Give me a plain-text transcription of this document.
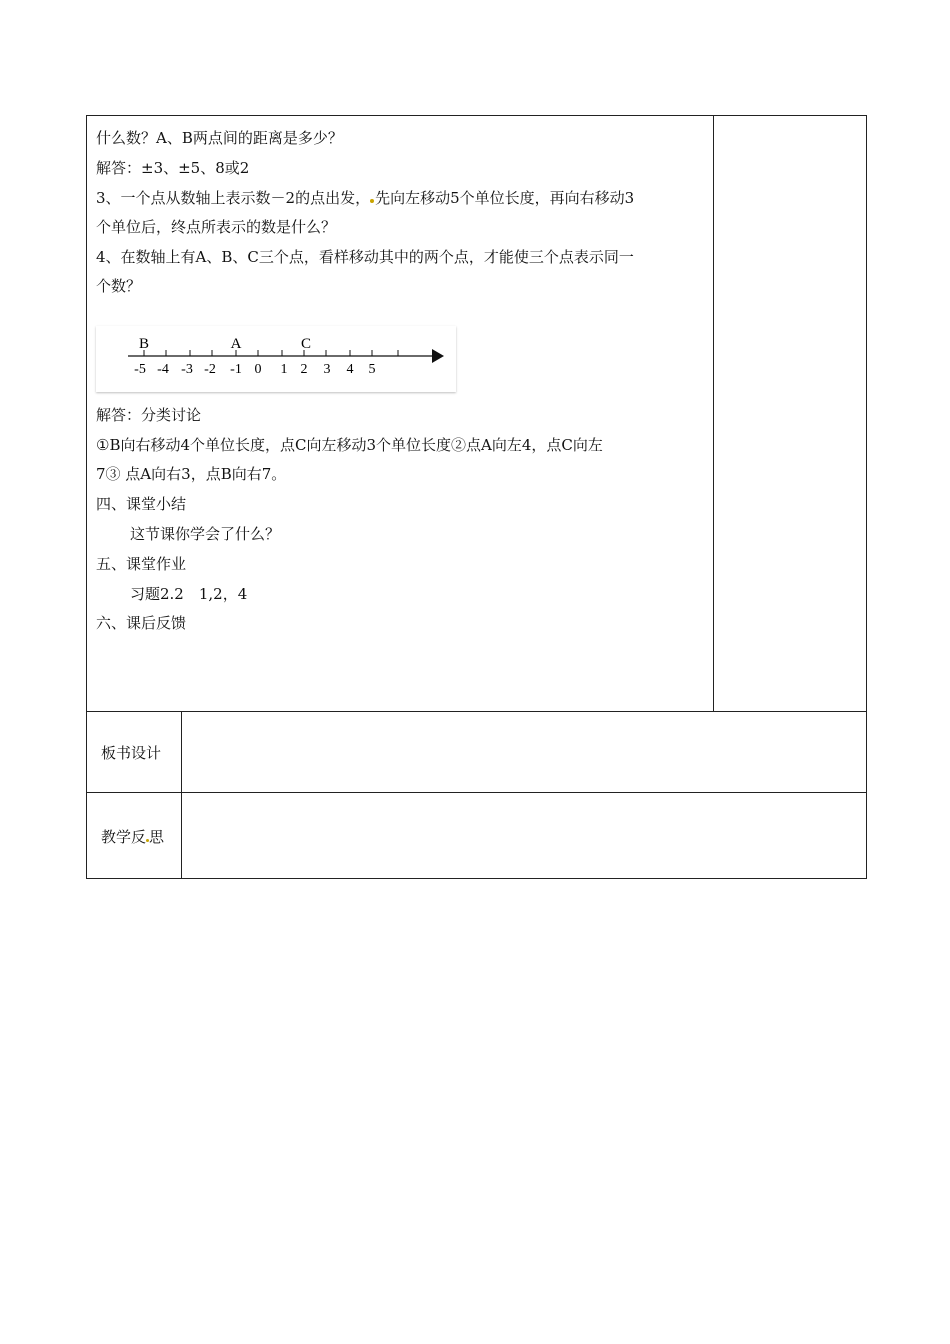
什么数？A、B两点间的距离是多少？
解答：±3、±5、8或2
3、一个点从数轴上表示数－2的点出发， 先向左移动5个单位长度，再向右移动3
个单位后，终点所表示的数是什么？
4、在数轴上有A、B、C三个点，看样移动其中的两个点，才能使三个点表示同一
个数？
B	A	C
-5 -4 -3 -2 -1 0 1 2 3 4 5
解答：分类讨论
①B向右移动4个单位长度，点C向左移动3个单位长度②点A向左4，点C向左
7③ 点A向右3，点B向右7。
四、课堂小结
这节课你学会了什么？
五、课堂作业
习题2.2　1,2，4
六、课后反馈
板书设计
教学反 思
